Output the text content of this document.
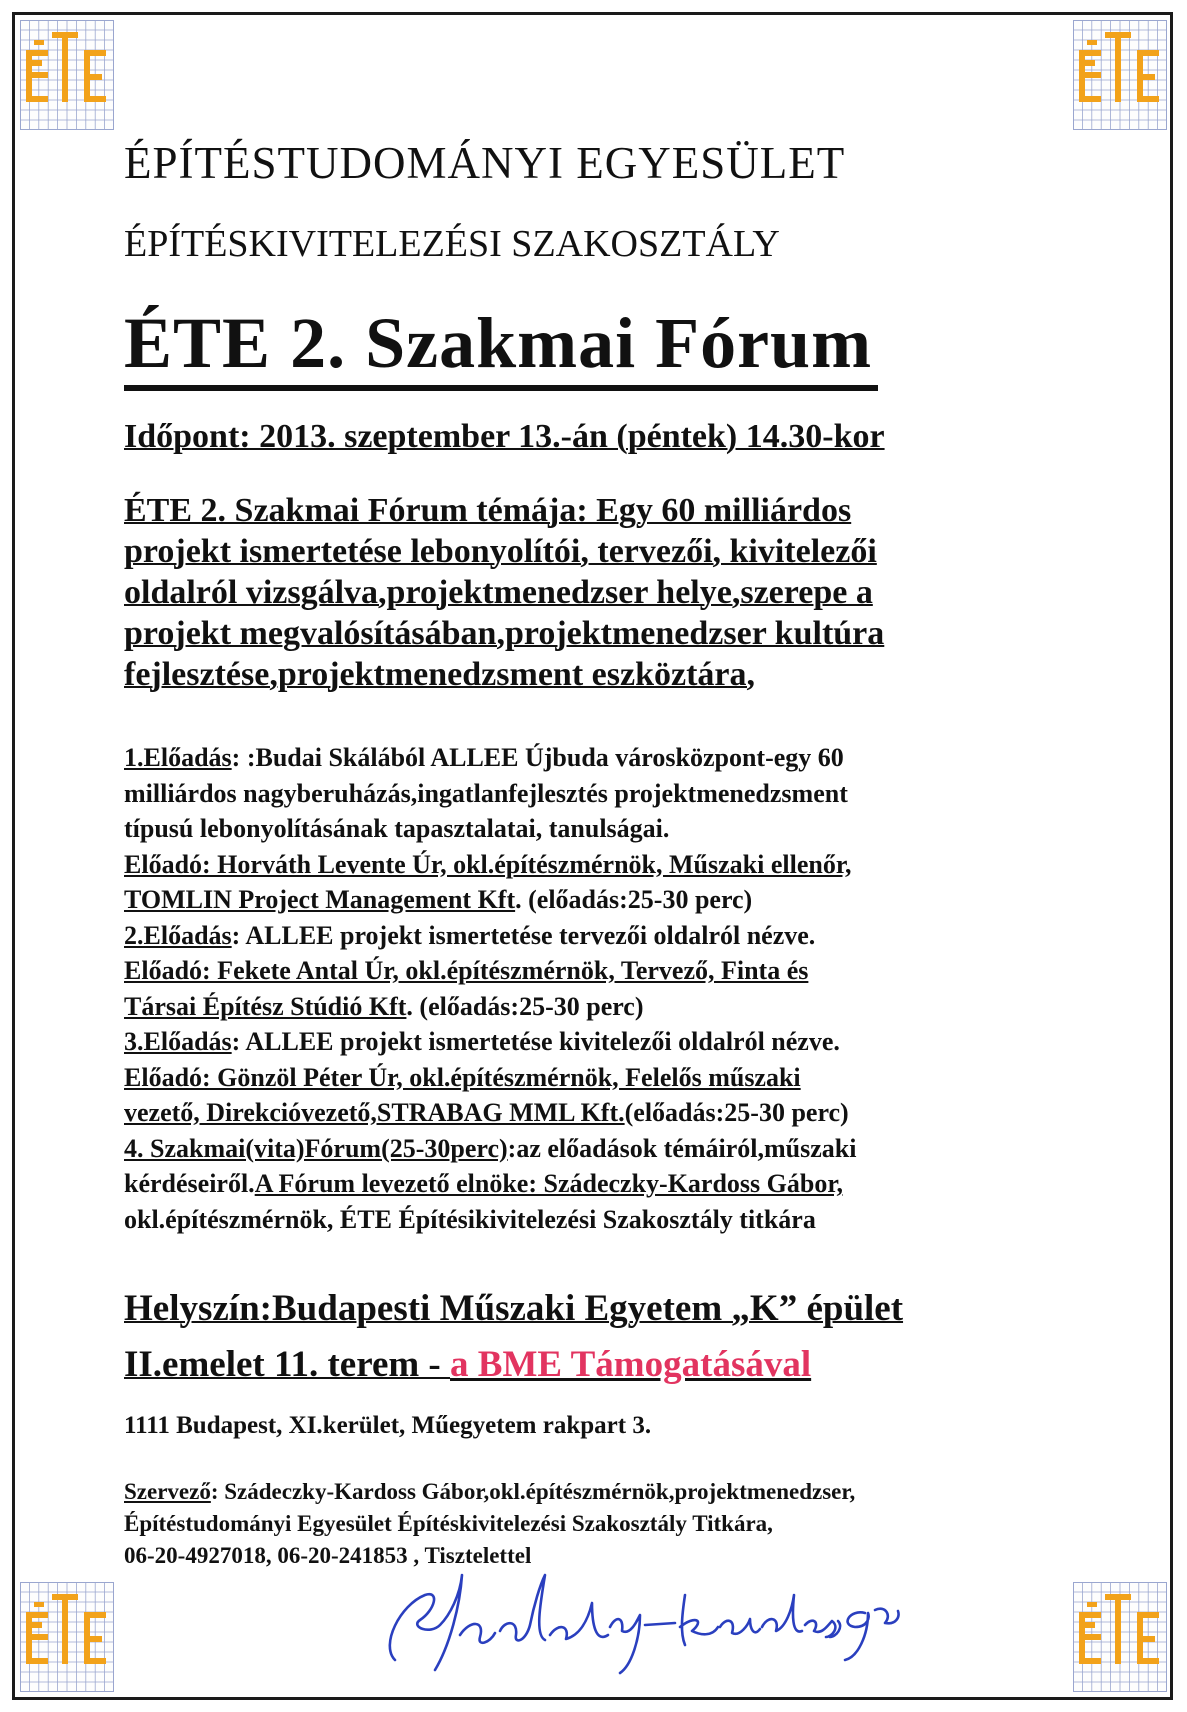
ÉPÍTÉSTUDOMÁNYI EGYESÜLET

ÉPÍTÉSKIVITELEZÉSI SZAKOSZTÁLY

ÉTE 2. Szakmai Fórum

Időpont: 2013. szeptember 13.-án (péntek) 14.30-kor

ÉTE 2. Szakmai Fórum témája: Egy 60 milliárdos
projekt ismertetése lebonyolítói, tervezői, kivitelezői
oldalról vizsgálva,projektmenedzser helye,szerepe a
projekt megvalósításában,projektmenedzser kultúra
fejlesztése,projektmenedzsment eszköztára,

1.Előadás: :Budai Skálából ALLEE Újbuda városközpont-egy 60

milliárdos nagyberuházás,ingatlanfejlesztés projektmenedzsment

típusú lebonyolításának tapasztalatai, tanulságai.

Előadó: Horváth Levente Úr, okl.építészmérnök, Műszaki ellenőr,

TOMLIN Project Management Kft. (előadás:25-30 perc)

2.Előadás: ALLEE projekt ismertetése tervezői oldalról nézve.

Előadó: Fekete Antal Úr, okl.építészmérnök, Tervező, Finta és

Társai Építész Stúdió Kft. (előadás:25-30 perc)

3.Előadás: ALLEE projekt ismertetése kivitelezői oldalról nézve.

Előadó: Gönzöl Péter Úr, okl.építészmérnök, Felelős műszaki

vezető, Direkcióvezető,STRABAG MML Kft.(előadás:25-30 perc)

4. Szakmai(vita)Fórum(25-30perc):az előadások témáiról,műszaki

kérdéseiről.A Fórum levezető elnöke: Szádeczky-Kardoss Gábor,

okl.építészmérnök, ÉTE Építésikivitelezési Szakosztály titkára

Helyszín:Budapesti Műszaki Egyetem „K” épület
II.emelet 11. terem - a BME Támogatásával

1111 Budapest, XI.kerület, Műegyetem rakpart 3.

Szervező: Szádeczky-Kardoss Gábor,okl.építészmérnök,projektmenedzser,

Építéstudományi Egyesület Építéskivitelezési Szakosztály Titkára,

06-20-4927018, 06-20-241853 , Tisztelettel
